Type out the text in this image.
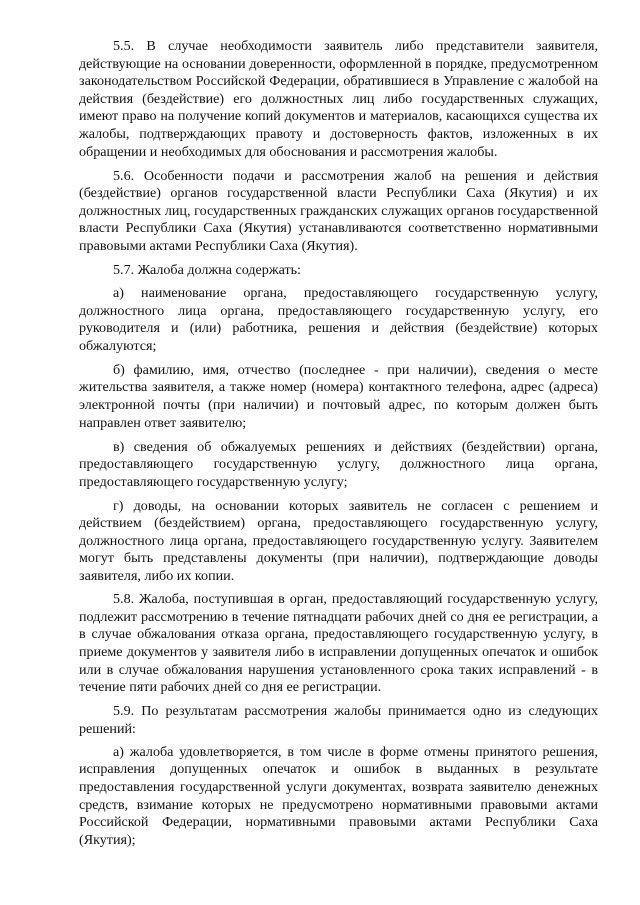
5.5. В случае необходимости заявитель либо представители заявителя, действующие на основании доверенности, оформленной в порядке, предусмотренном законодательством Российской Федерации, обратившиеся в Управление с жалобой на действия (бездействие) его должностных лиц либо государственных служащих, имеют право на получение копий документов и материалов, касающихся существа их жалобы, подтверждающих правоту и достоверность фактов, изложенных в их обращении и необходимых для обоснования и рассмотрения жалобы.

5.6. Особенности подачи и рассмотрения жалоб на решения и действия (бездействие) органов государственной власти Республики Саха (Якутия) и их должностных лиц, государственных гражданских служащих органов государственной власти Республики Саха (Якутия) устанавливаются соответственно нормативными правовыми актами Республики Саха (Якутия).

5.7. Жалоба должна содержать:

а) наименование органа, предоставляющего государственную услугу, должностного лица органа, предоставляющего государственную услугу, его руководителя и (или) работника, решения и действия (бездействие) которых обжалуются;

б) фамилию, имя, отчество (последнее - при наличии), сведения о месте жительства заявителя, а также номер (номера) контактного телефона, адрес (адреса) электронной почты (при наличии) и почтовый адрес, по которым должен быть направлен ответ заявителю;

в) сведения об обжалуемых решениях и действиях (бездействии) органа, предоставляющего государственную услугу, должностного лица органа, предоставляющего государственную услугу;

г) доводы, на основании которых заявитель не согласен с решением и действием (бездействием) органа, предоставляющего государственную услугу, должностного лица органа, предоставляющего государственную услугу. Заявителем могут быть представлены документы (при наличии), подтверждающие доводы заявителя, либо их копии.

5.8. Жалоба, поступившая в орган, предоставляющий государственную услугу, подлежит рассмотрению в течение пятнадцати рабочих дней со дня ее регистрации, а в случае обжалования отказа органа, предоставляющего государственную услугу, в приеме документов у заявителя либо в исправлении допущенных опечаток и ошибок или в случае обжалования нарушения установленного срока таких исправлений - в течение пяти рабочих дней со дня ее регистрации.

5.9. По результатам рассмотрения жалобы принимается одно из следующих решений:

а) жалоба удовлетворяется, в том числе в форме отмены принятого решения, исправления допущенных опечаток и ошибок в выданных в результате предоставления государственной услуги документах, возврата заявителю денежных средств, взимание которых не предусмотрено нормативными правовыми актами Российской Федерации, нормативными правовыми актами Республики Саха (Якутия);
